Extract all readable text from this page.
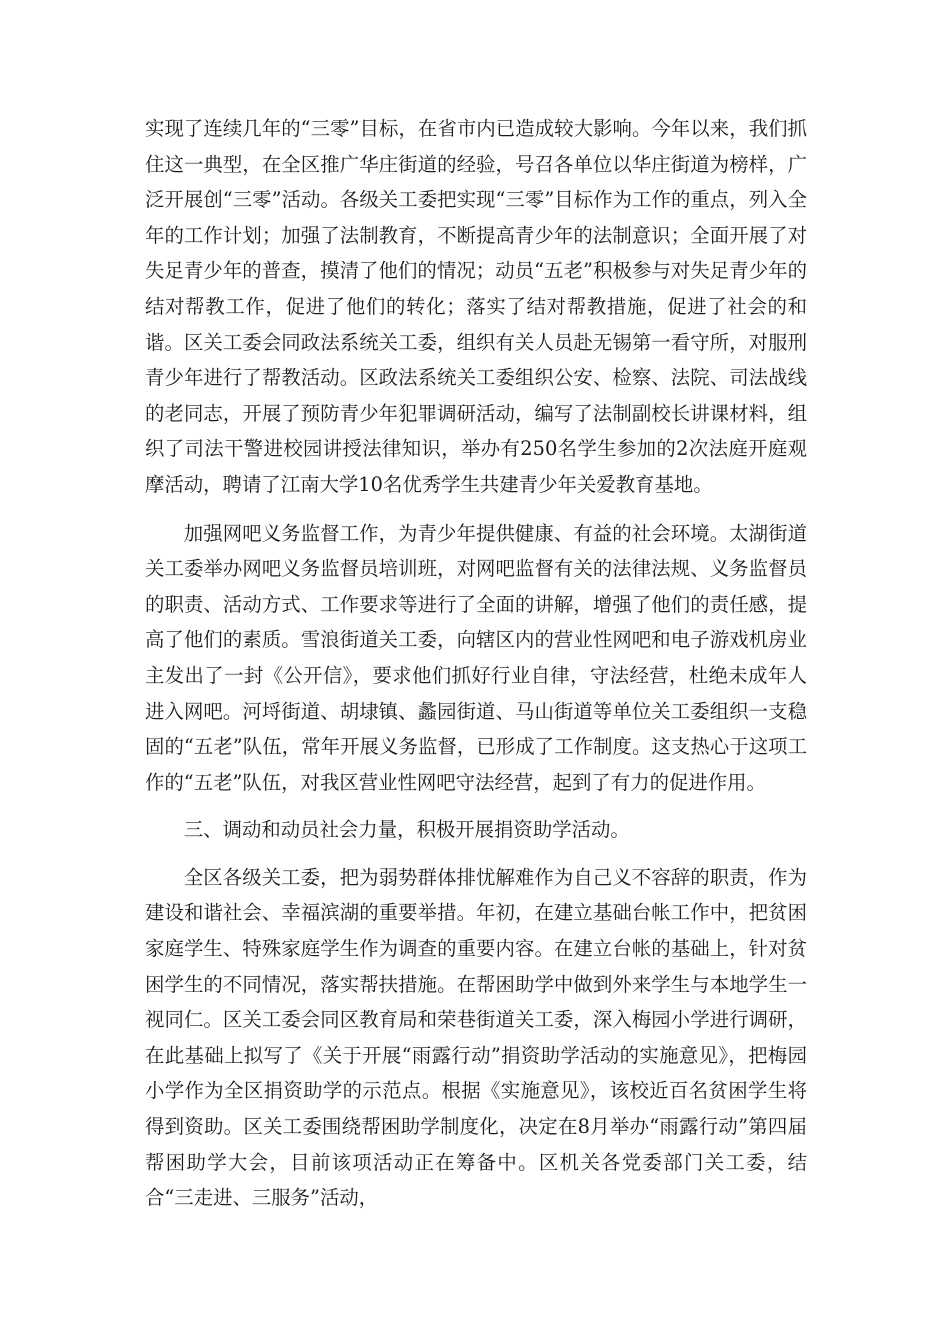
实现了连续几年的“三零”目标，在省市内已造成较大影响。今年以来，我们抓住这一典型，在全区推广华庄街道的经验，号召各单位以华庄街道为榜样，广泛开展创“三零”活动。各级关工委把实现“三零”目标作为工作的重点，列入全年的工作计划；加强了法制教育，不断提高青少年的法制意识；全面开展了对失足青少年的普查，摸清了他们的情况；动员“五老”积极参与对失足青少年的结对帮教工作，促进了他们的转化；落实了结对帮教措施，促进了社会的和谐。区关工委会同政法系统关工委，组织有关人员赴无锡第一看守所，对服刑青少年进行了帮教活动。区政法系统关工委组织公安、检察、法院、司法战线的老同志，开展了预防青少年犯罪调研活动，编写了法制副校长讲课材料，组织了司法干警进校园讲授法律知识，举办有250名学生参加的2次法庭开庭观摩活动，聘请了江南大学10名优秀学生共建青少年关爱教育基地。

加强网吧义务监督工作，为青少年提供健康、有益的社会环境。太湖街道关工委举办网吧义务监督员培训班，对网吧监督有关的法律法规、义务监督员的职责、活动方式、工作要求等进行了全面的讲解，增强了他们的责任感，提高了他们的素质。雪浪街道关工委，向辖区内的营业性网吧和电子游戏机房业主发出了一封《公开信》，要求他们抓好行业自律，守法经营，杜绝未成年人进入网吧。河埒街道、胡埭镇、蠡园街道、马山街道等单位关工委组织一支稳固的“五老”队伍，常年开展义务监督，已形成了工作制度。这支热心于这项工作的“五老”队伍，对我区营业性网吧守法经营，起到了有力的促进作用。

三、调动和动员社会力量，积极开展捐资助学活动。

全区各级关工委，把为弱势群体排忧解难作为自己义不容辞的职责，作为建设和谐社会、幸福滨湖的重要举措。年初，在建立基础台帐工作中，把贫困家庭学生、特殊家庭学生作为调查的重要内容。在建立台帐的基础上，针对贫困学生的不同情况，落实帮扶措施。在帮困助学中做到外来学生与本地学生一视同仁。区关工委会同区教育局和荣巷街道关工委，深入梅园小学进行调研，在此基础上拟写了《关于开展“雨露行动”捐资助学活动的实施意见》，把梅园小学作为全区捐资助学的示范点。根据《实施意见》，该校近百名贫困学生将得到资助。区关工委围绕帮困助学制度化，决定在8月举办“雨露行动”第四届帮困助学大会，目前该项活动正在筹备中。区机关各党委部门关工委，结合“三走进、三服务”活动，
